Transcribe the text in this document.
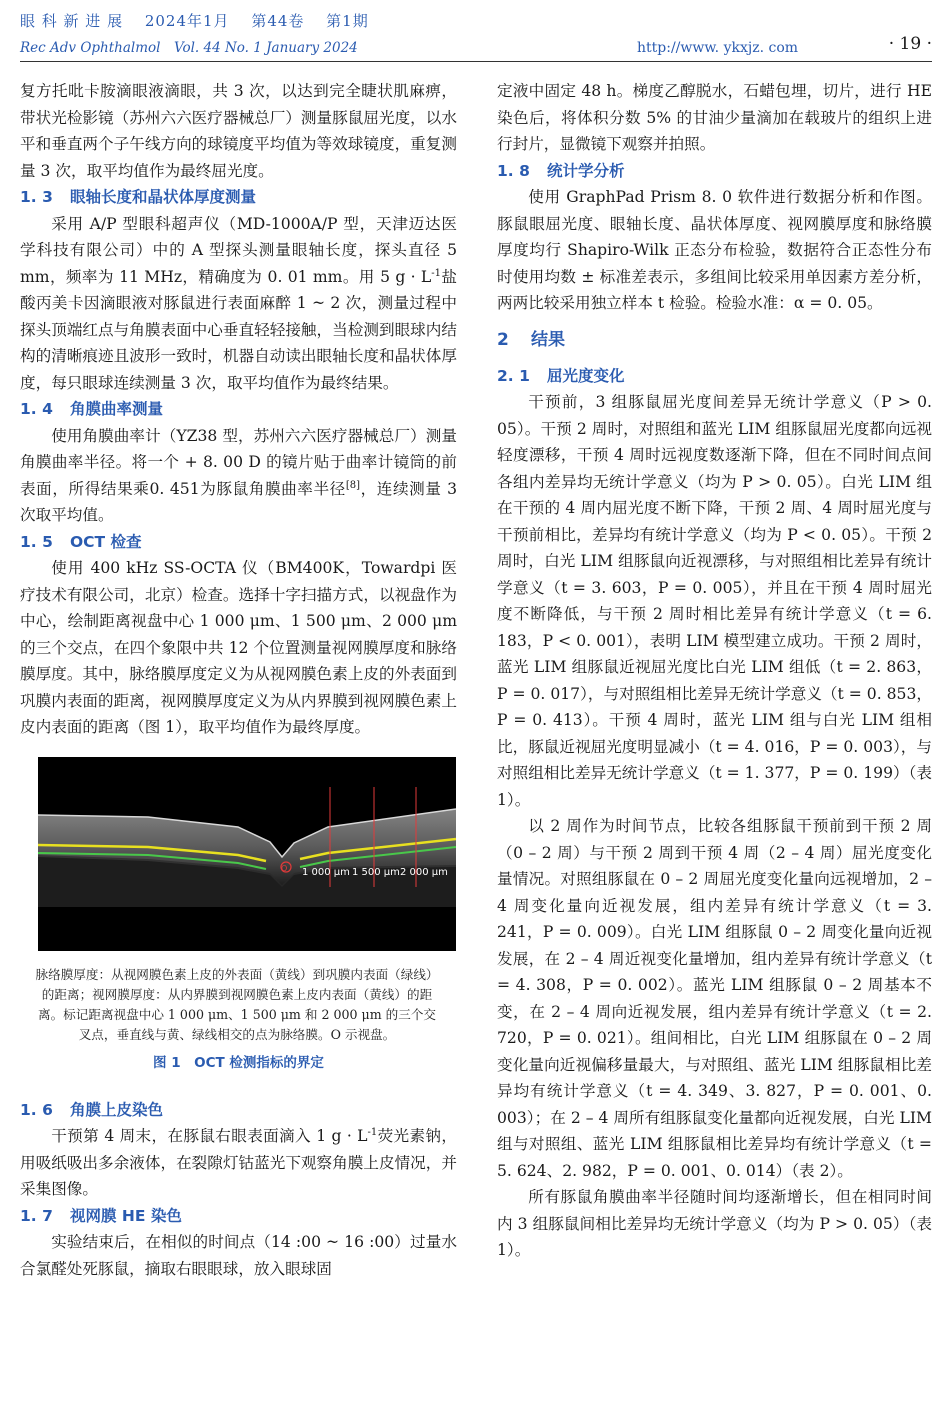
眼 科 新 进 展　 2024年1月　 第44卷　 第1期
Rec Adv Ophthalmol　Vol. 44 No. 1 January 2024	http://www. ykxjz. com	· 19 ·

复方托吡卡胺滴眼液滴眼，共 3 次，以达到完全睫状肌麻痹，带状光检影镜（苏州六六医疗器械总厂）测量豚鼠屈光度，以水平和垂直两个子午线方向的球镜度平均值为等效球镜度，重复测量 3 次，取平均值作为最终屈光度。

1. 3 眼轴长度和晶状体厚度测量

采用 A/P 型眼科超声仪（MD-1000A/P 型，天津迈达医学科技有限公司）中的 A 型探头测量眼轴长度，探头直径 5 mm，频率为 11 MHz，精确度为 0. 01 mm。用 5 $g \cdot L^{-1}$盐酸丙美卡因滴眼液对豚鼠进行表面麻醉 1 ~ 2 次，测量过程中探头顶端红点与角膜表面中心垂直轻轻接触，当检测到眼球内结构的清晰痕迹且波形一致时，机器自动读出眼轴长度和晶状体厚度，每只眼球连续测量 3 次，取平均值作为最终结果。

1. 4 角膜曲率测量

使用角膜曲率计（YZ38 型，苏州六六医疗器械总厂）测量角膜曲率半径。将一个 + 8. 00 D 的镜片贴于曲率计镜筒的前表面，所得结果乘0. 451为豚鼠角膜曲率半径[8]，连续测量 3 次取平均值。

1. 5 OCT 检查

使用 400 kHz SS-OCTA 仪（BM400K，Towardpi 医疗技术有限公司，北京）检查。选择十字扫描方式，以视盘作为中心，绘制距离视盘中心 1 000 μm、1 500 μm、2 000 μm 的三个交点，在四个象限中共 12 个位置测量视网膜厚度和脉络膜厚度。其中，脉络膜厚度定义为从视网膜色素上皮的外表面到巩膜内表面的距离，视网膜厚度定义为从内界膜到视网膜色素上皮内表面的距离（图 1），取平均值作为最终厚度。

1 000 μm 1 500 μm 2 000 μm
O

脉络膜厚度：从视网膜色素上皮的外表面（黄线）到巩膜内表面（绿线）的距离；视网膜厚度：从内界膜到视网膜色素上皮内表面（黄线）的距离。标记距离视盘中心 1 000 μm、1 500 μm 和 2 000 μm 的三个交叉点，垂直线与黄、绿线相交的点为脉络膜。O 示视盘。

图 1　OCT 检测指标的界定
1. 6 角膜上皮染色

干预第 4 周末，在豚鼠右眼表面滴入 1 $g \cdot L^{-1}$荧光素钠，用吸纸吸出多余液体，在裂隙灯钴蓝光下观察角膜上皮情况，并采集图像。

1. 7 视网膜 HE 染色

实验结束后，在相似的时间点（14 :00 ~ 16 :00）过量水合氯醛处死豚鼠，摘取右眼眼球，放入眼球固

定液中固定 48 h。梯度乙醇脱水，石蜡包埋，切片，进行 HE 染色后，将体积分数 5% 的甘油少量滴加在载玻片的组织上进行封片，显微镜下观察并拍照。

1. 8 统计学分析

使用 GraphPad Prism 8. 0 软件进行数据分析和作图。豚鼠眼屈光度、眼轴长度、晶状体厚度、视网膜厚度和脉络膜厚度均行 Shapiro-Wilk 正态分布检验，数据符合正态性分布时使用均数 ± 标准差表示，多组间比较采用单因素方差分析，两两比较采用独立样本 t 检验。检验水准：α = 0. 05。

2 结果
2. 1 屈光度变化

干预前，3 组豚鼠屈光度间差异无统计学意义（P > 0. 05）。干预 2 周时，对照组和蓝光 LIM 组豚鼠屈光度都向远视轻度漂移，干预 4 周时远视度数逐渐下降，但在不同时间点间各组内差异均无统计学意义（均为 P > 0. 05）。白光 LIM 组在干预的 4 周内屈光度不断下降，干预 2 周、4 周时屈光度与干预前相比，差异均有统计学意义（均为 P < 0. 05）。干预 2 周时，白光 LIM 组豚鼠向近视漂移，与对照组相比差异有统计学意义（t = 3. 603，P = 0. 005），并且在干预 4 周时屈光度不断降低，与干预 2 周时相比差异有统计学意义（t = 6. 183，P < 0. 001），表明 LIM 模型建立成功。干预 2 周时，蓝光 LIM 组豚鼠近视屈光度比白光 LIM 组低（t = 2. 863，P = 0. 017），与对照组相比差异无统计学意义（t = 0. 853，P = 0. 413）。干预 4 周时，蓝光 LIM 组与白光 LIM 组相比，豚鼠近视屈光度明显减小（t = 4. 016，P = 0. 003），与对照组相比差异无统计学意义（t = 1. 377，P = 0. 199）（表 1）。

以 2 周作为时间节点，比较各组豚鼠干预前到干预 2 周（0 – 2 周）与干预 2 周到干预 4 周（2 – 4 周）屈光度变化量情况。对照组豚鼠在 0 – 2 周屈光度变化量向远视增加，2 – 4 周变化量向近视发展，组内差异有统计学意义（t = 3. 241，P = 0. 009）。白光 LIM 组豚鼠 0 – 2 周变化量向近视发展，在 2 – 4 周近视变化量增加，组内差异有统计学意义（t = 4. 308，P = 0. 002）。蓝光 LIM 组豚鼠 0 – 2 周基本不变，在 2 – 4 周向近视发展，组内差异有统计学意义（t = 2. 720，P = 0. 021）。组间相比，白光 LIM 组豚鼠在 0 – 2 周变化量向近视偏移量最大，与对照组、蓝光 LIM 组豚鼠相比差异均有统计学意义（t = 4. 349、3. 827，P = 0. 001、0. 003）；在 2 – 4 周所有组豚鼠变化量都向近视发展，白光 LIM 组与对照组、蓝光 LIM 组豚鼠相比差异均有统计学意义（t = 5. 624、2. 982，P = 0. 001、0. 014）（表 2）。

所有豚鼠角膜曲率半径随时间均逐渐增长，但在相同时间内 3 组豚鼠间相比差异均无统计学意义（均为 P > 0. 05）（表 1）。
